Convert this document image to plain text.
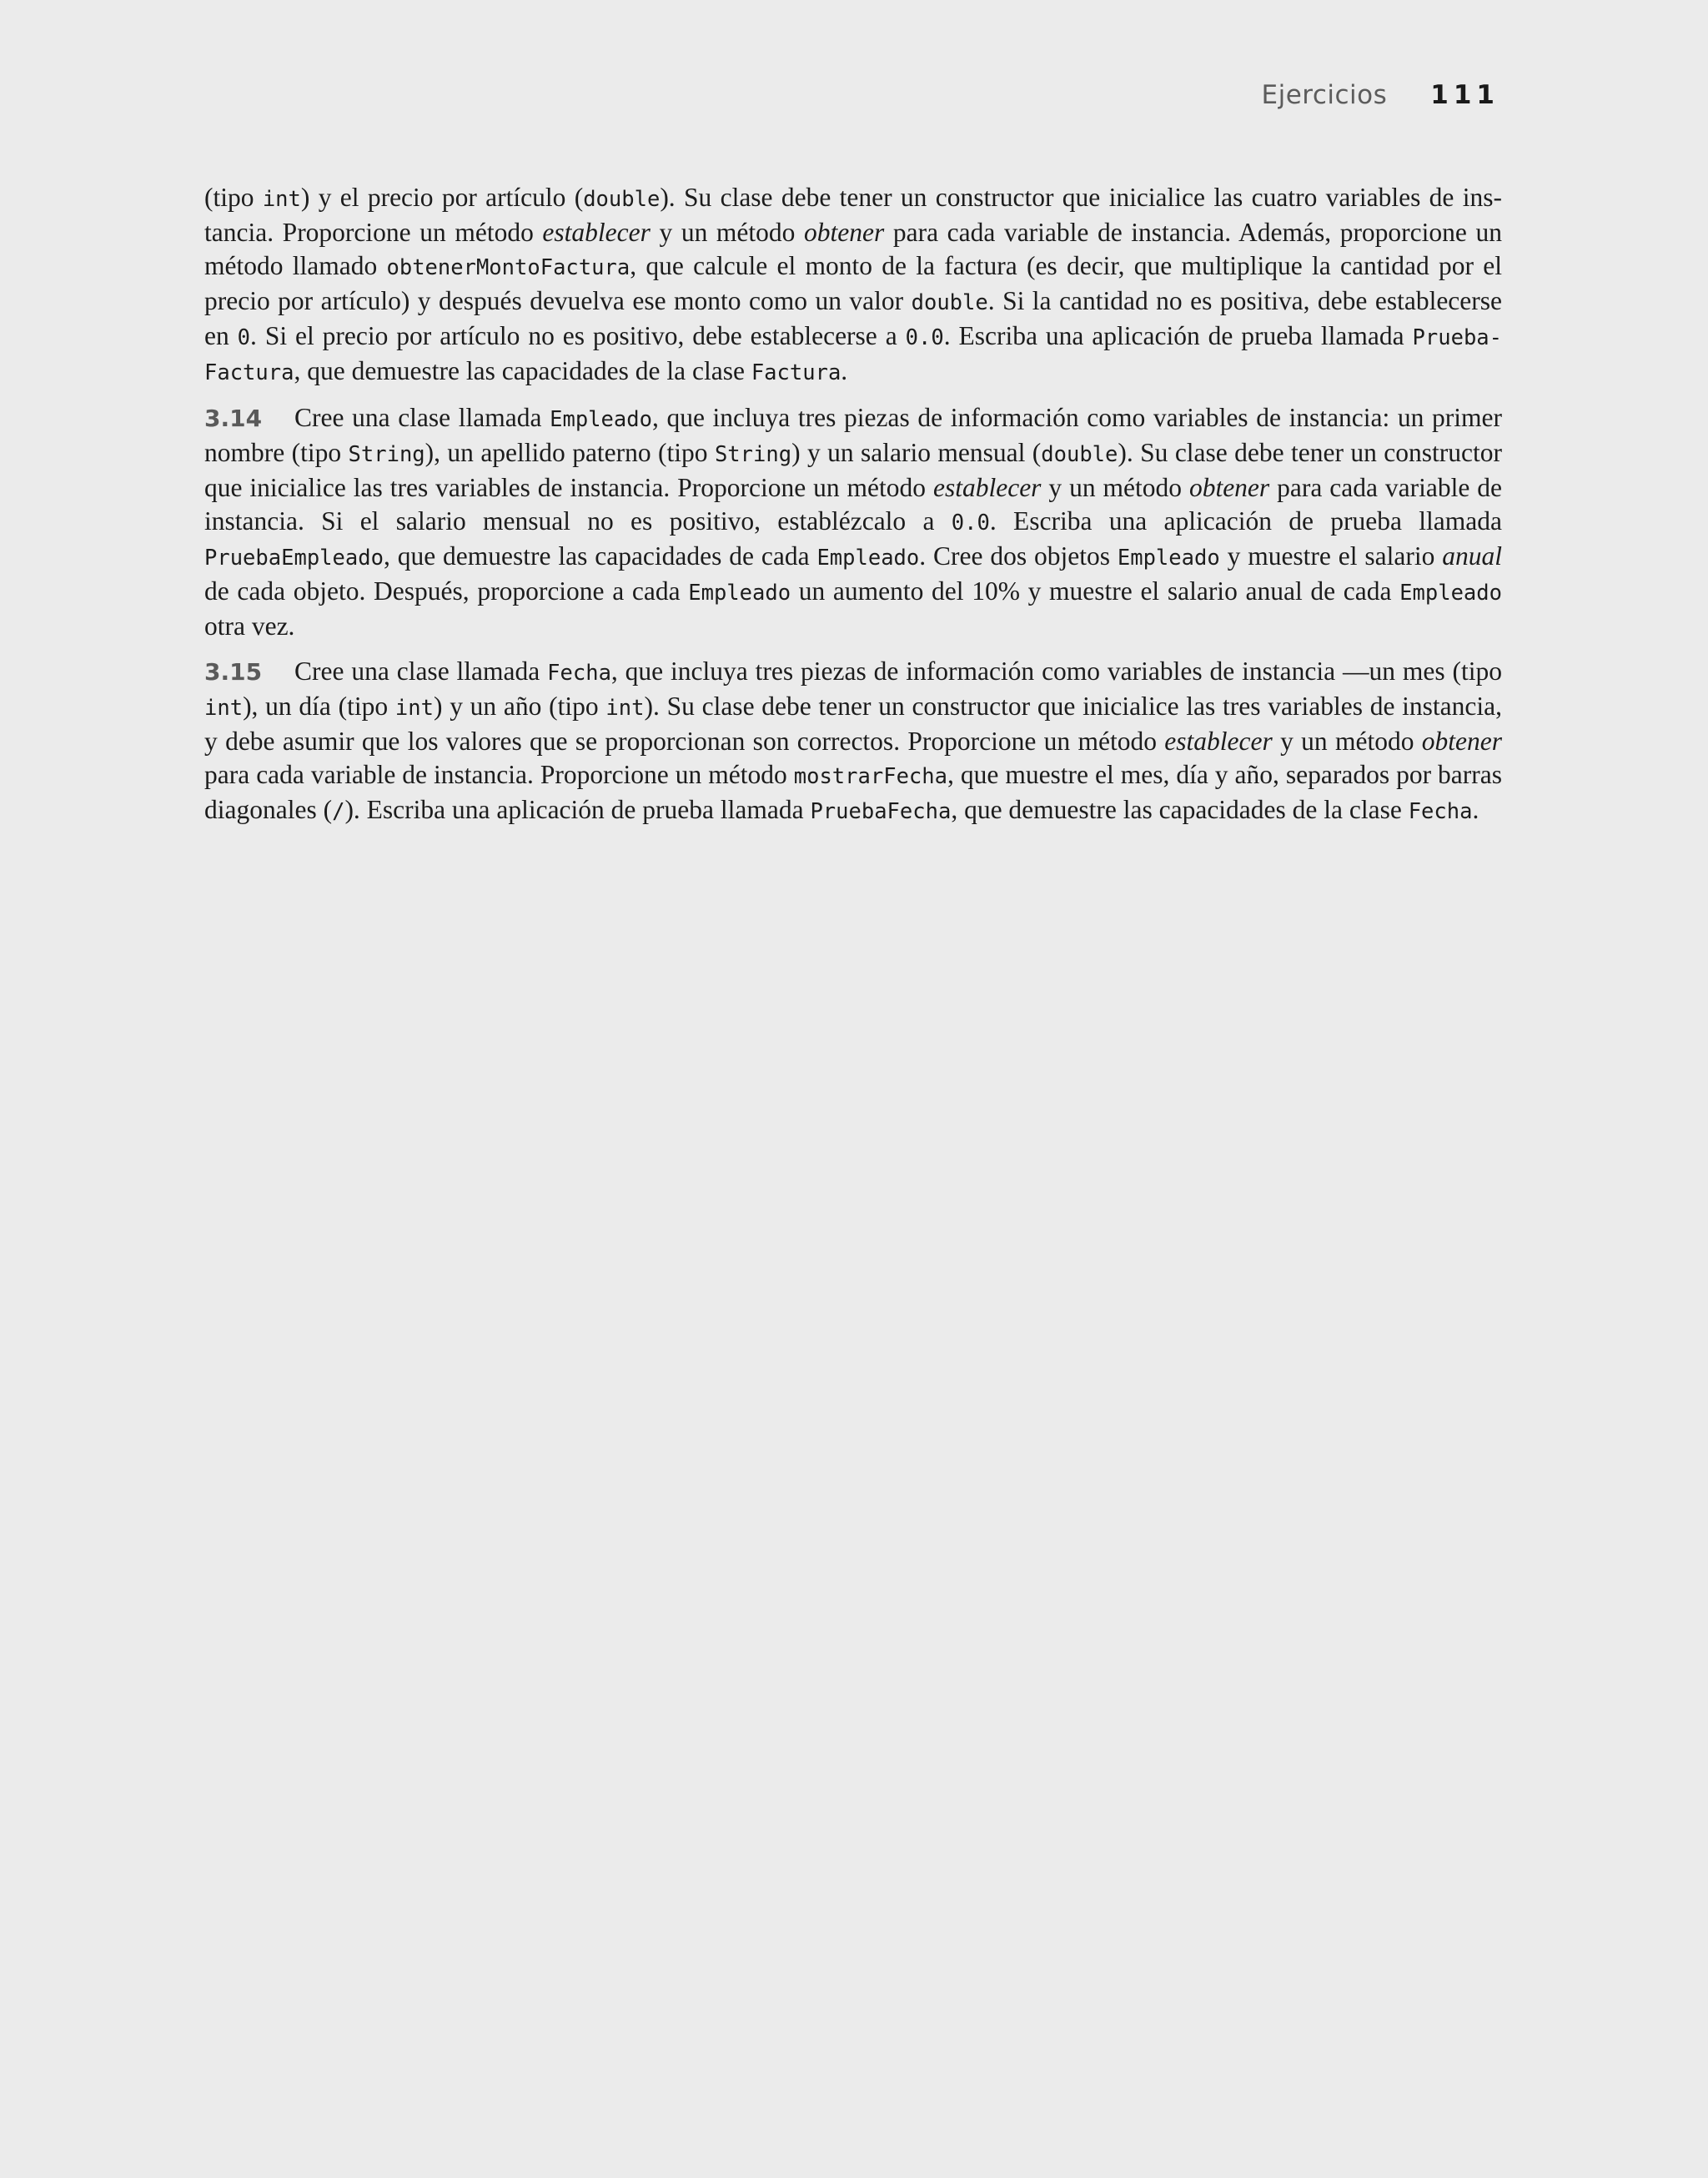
Ejercicios 111

(tipo int) y el precio por artículo (double). Su clase debe tener un constructor que inicialice las cuatro variables de instancia. Proporcione un método establecer y un método obtener para cada variable de instancia. Además, proporcione un método llamado obtenerMontoFactura, que calcule el monto de la factura (es decir, que multiplique la cantidad por el precio por artículo) y después devuelva ese monto como un valor double. Si la cantidad no es positiva, debe establecerse en 0. Si el precio por artículo no es positivo, debe establecerse a 0.0. Escriba una aplicación de prueba llamada Prueba-Factura, que demuestre las capacidades de la clase Factura.

3.14 Cree una clase llamada Empleado, que incluya tres piezas de información como variables de instancia: un primer nombre (tipo String), un apellido paterno (tipo String) y un salario mensual (double). Su clase debe tener un constructor que inicialice las tres variables de instancia. Proporcione un método establecer y un método obtener para cada variable de instancia. Si el salario mensual no es positivo, establézcalo a 0.0. Escriba una aplicación de prueba llamada PruebaEmpleado, que demuestre las capacidades de cada Empleado. Cree dos objetos Empleado y muestre el salario anual de cada objeto. Después, proporcione a cada Empleado un aumento del 10% y muestre el salario anual de cada Empleado otra vez.

3.15 Cree una clase llamada Fecha, que incluya tres piezas de información como variables de instancia —un mes (tipo int), un día (tipo int) y un año (tipo int). Su clase debe tener un constructor que inicialice las tres variables de instancia, y debe asumir que los valores que se proporcionan son correctos. Proporcione un método establecer y un método obtener para cada variable de instancia. Proporcione un método mostrarFecha, que muestre el mes, día y año, separados por barras diagonales (/). Escriba una aplicación de prueba llamada PruebaFecha, que demuestre las capacidades de la clase Fecha.
